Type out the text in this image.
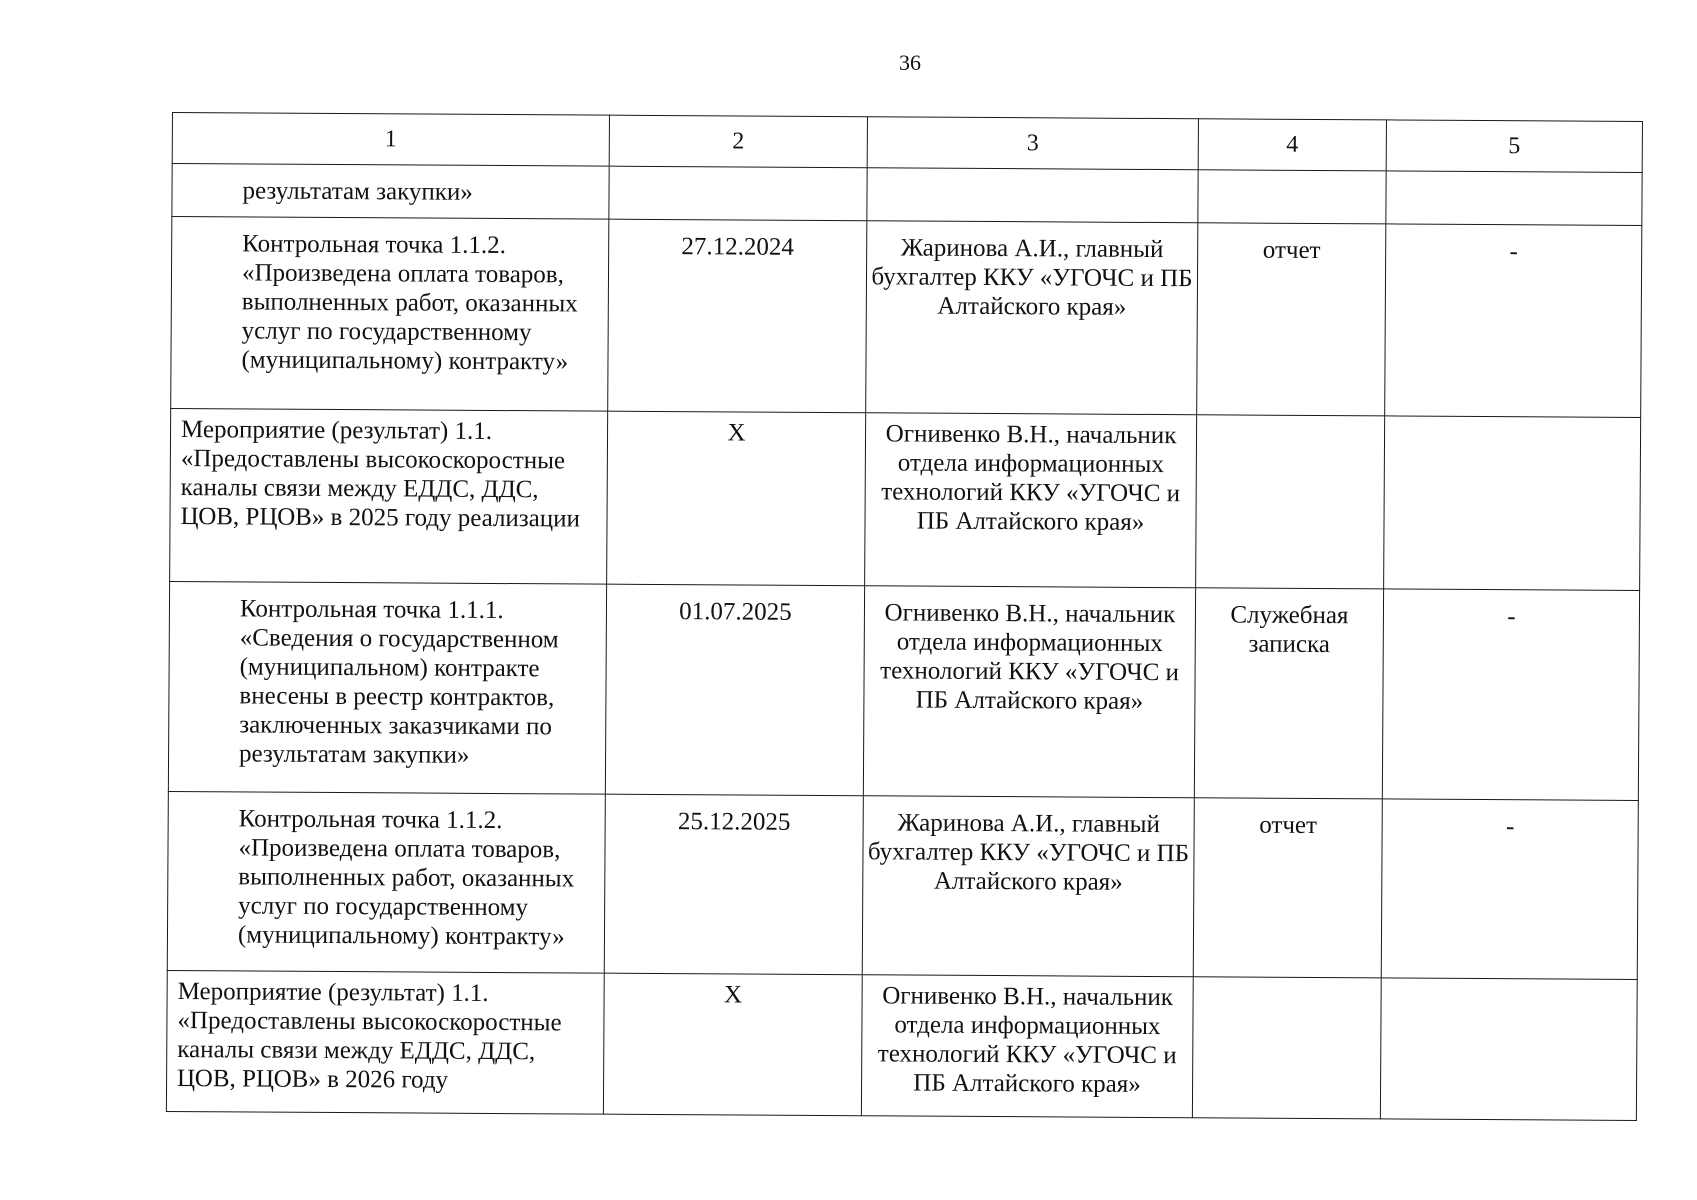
36
1	2	3	4	5
результатам закупки»				
Контрольная точка 1.1.2. «Произведена оплата товаров, выполненных работ, оказанных услуг по государственному (муниципальному) контракту»	27.12.2024	Жаринова А.И., главный бухгалтер ККУ «УГОЧС и ПБ Алтайского края»	отчет	-
Мероприятие (результат) 1.1. «Предоставлены высокоскоростные каналы связи между ЕДДС, ДДС, ЦОВ, РЦОВ» в 2025 году реализации	X	Огнивенко В.Н., начальник отдела информационных технологий ККУ «УГОЧС и ПБ Алтайского края»		
Контрольная точка 1.1.1. «Сведения о государственном (муниципальном) контракте внесены в реестр контрактов, заключенных заказчиками по результатам закупки»	01.07.2025	Огнивенко В.Н., начальник отдела информационных технологий ККУ «УГОЧС и ПБ Алтайского края»	Служебная записка	-
Контрольная точка 1.1.2. «Произведена оплата товаров, выполненных работ, оказанных услуг по государственному (муниципальному) контракту»	25.12.2025	Жаринова А.И., главный бухгалтер ККУ «УГОЧС и ПБ Алтайского края»	отчет	-
Мероприятие (результат) 1.1. «Предоставлены высокоскоростные каналы связи между ЕДДС, ДДС, ЦОВ, РЦОВ» в 2026 году	X	Огнивенко В.Н., начальник отдела информационных технологий ККУ «УГОЧС и ПБ Алтайского края»		
